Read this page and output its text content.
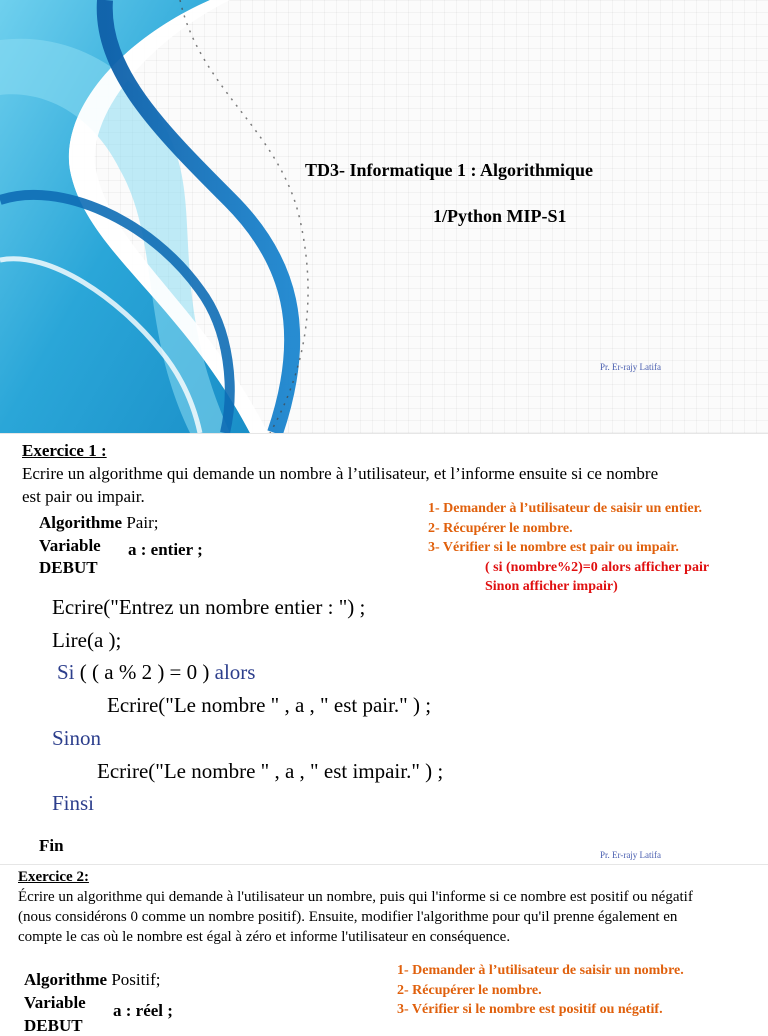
TD3- Informatique 1 : Algorithmique
1/Python MIP-S1
Pr. Er-rajy Latifa
Exercice 1 :
Ecrire un algorithme qui demande un nombre à l’utilisateur, et l’informe ensuite si ce nombre
est pair ou impair.
Algorithme Pair;
Variable a : entier ;
DEBUT
1- Demander à l’utilisateur de saisir un entier.
2- Récupérer le nombre.
3- Vérifier si le nombre est pair ou impair.
( si (nombre%2)=0 alors afficher pair
Sinon afficher impair)
Ecrire("Entrez un nombre entier : ") ;
Lire(a );
Si ( ( a % 2 ) = 0 ) alors
Ecrire("Le nombre " , a , " est pair." ) ;
Sinon
Ecrire("Le nombre " , a , " est impair." ) ;
Finsi
Fin	Pr. Er-rajy Latifa
Exercice 2:
Écrire un algorithme qui demande à l'utilisateur un nombre, puis qui l'informe si ce nombre est positif ou négatif
(nous considérons 0 comme un nombre positif). Ensuite, modifier l'algorithme pour qu'il prenne également en
compte le cas où le nombre est égal à zéro et informe l'utilisateur en conséquence.
Algorithme Positif;
Variable a : réel ;
DEBUT
1- Demander à l’utilisateur de saisir un nombre.
2- Récupérer le nombre.
3- Vérifier si le nombre est positif ou négatif.
